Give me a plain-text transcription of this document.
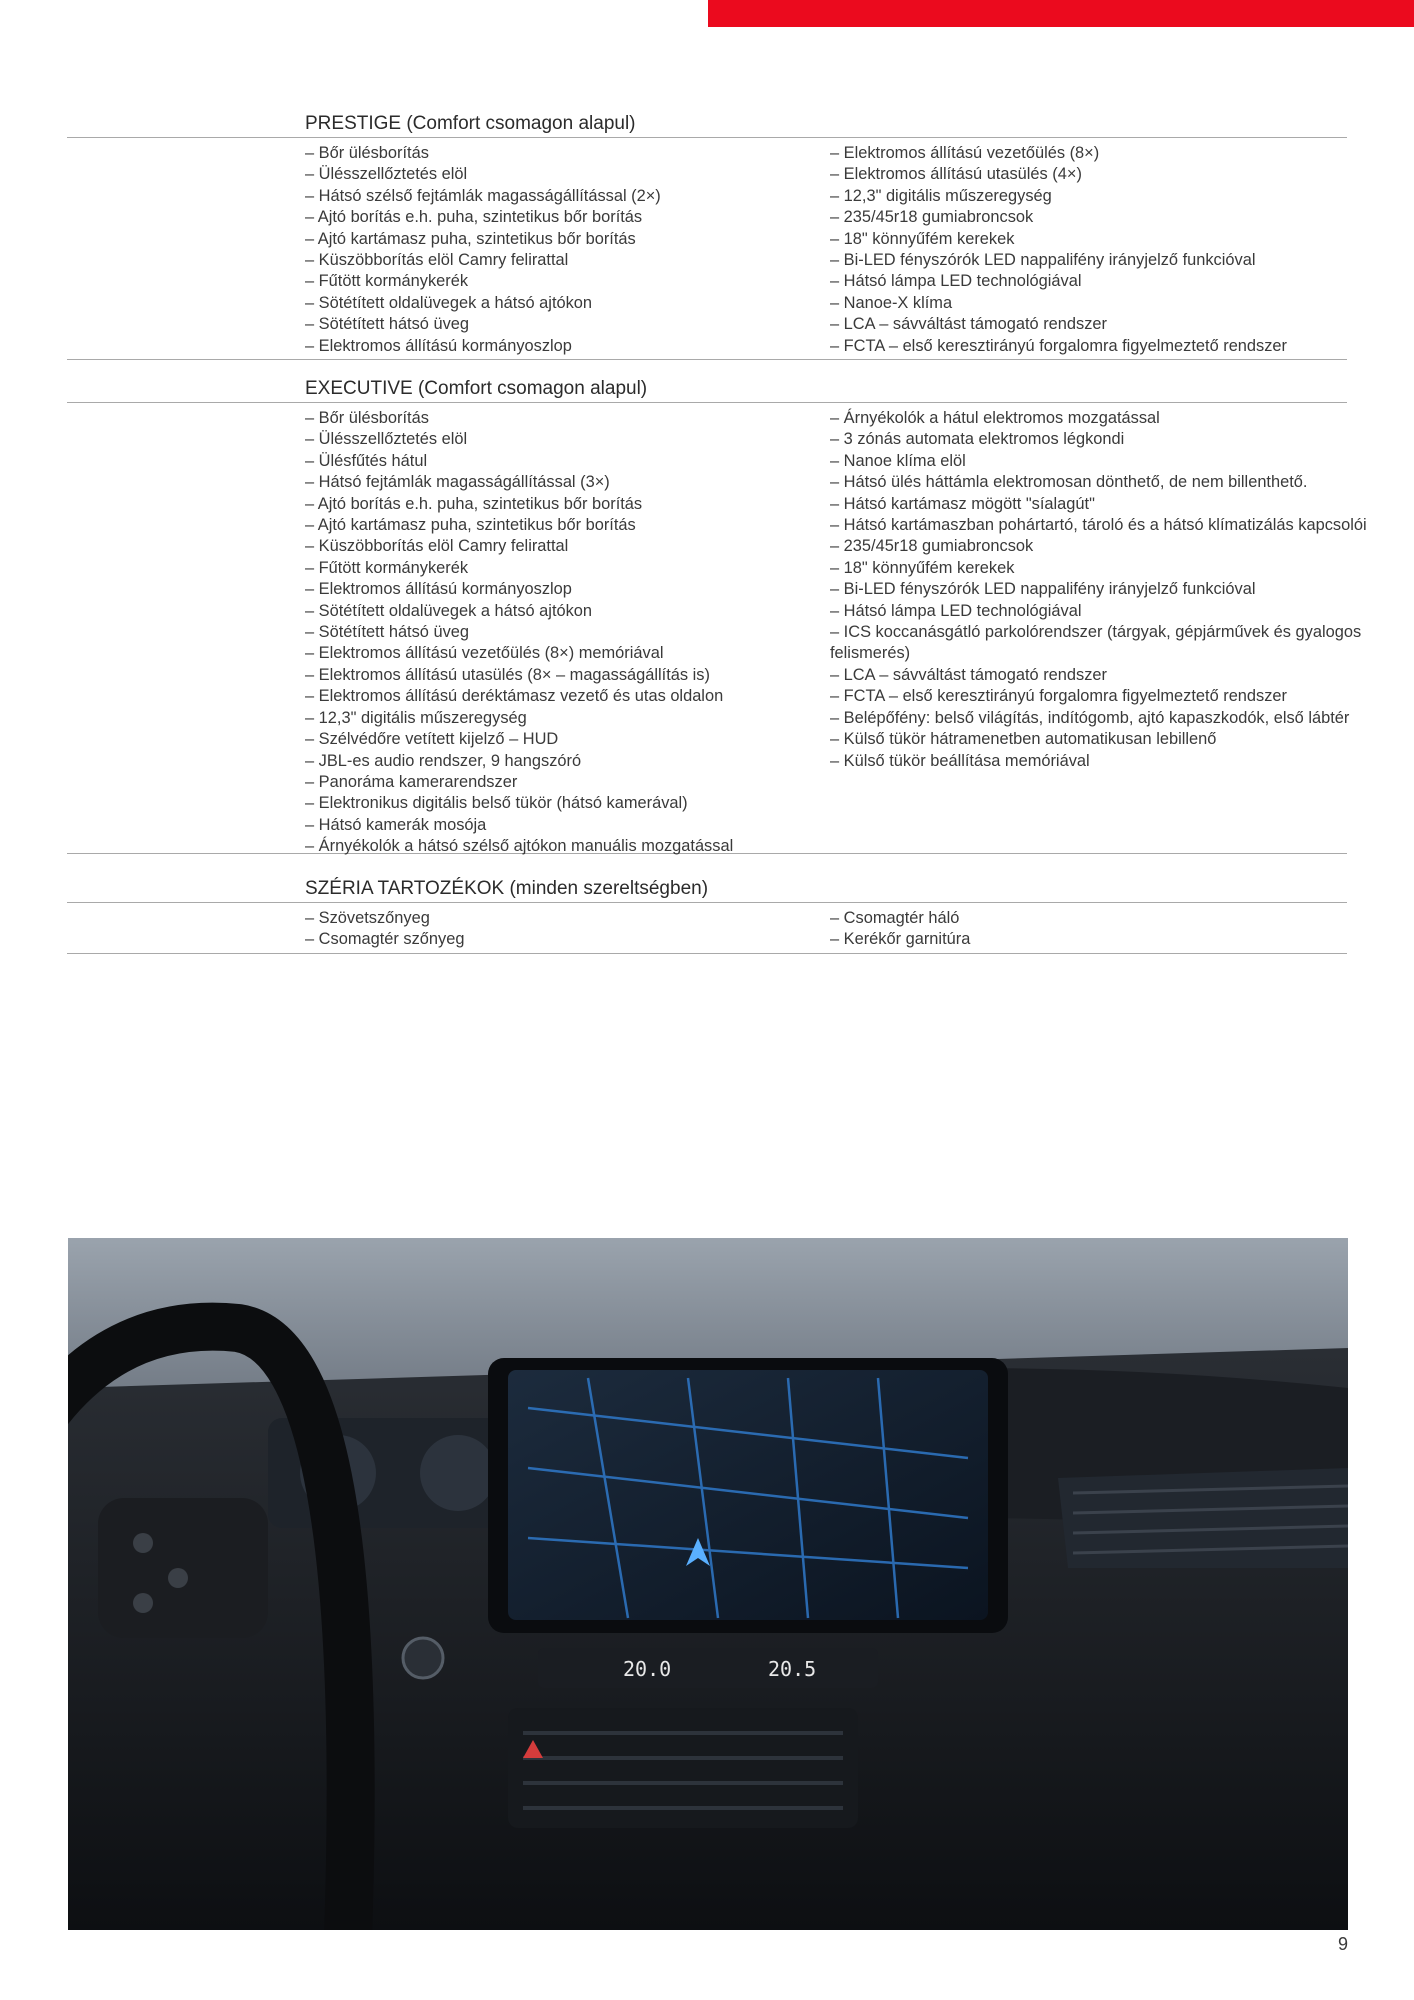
PRESTIGE (Comfort csomagon alapul)
– Bőr ülésborítás
– Ülésszellőztetés elöl
– Hátsó szélső fejtámlák magasságállítással (2×)
– Ajtó borítás e.h. puha, szintetikus bőr borítás
– Ajtó kartámasz puha, szintetikus bőr borítás
– Küszöbborítás elöl Camry felirattal
– Fűtött kormánykerék
– Sötétített oldalüvegek a hátsó ajtókon
– Sötétített hátsó üveg
– Elektromos állítású kormányoszlop
– Elektromos állítású vezetőülés (8×)
– Elektromos állítású utasülés (4×)
– 12,3" digitális műszeregység
– 235/45r18 gumiabroncsok
– 18" könnyűfém kerekek
– Bi-LED fényszórók LED nappalifény irányjelző funkcióval
– Hátsó lámpa LED technológiával
– Nanoe-X klíma
– LCA – sávváltást támogató rendszer
– FCTA – első keresztirányú forgalomra figyelmeztető rendszer
EXECUTIVE (Comfort csomagon alapul)
– Bőr ülésborítás
– Ülésszellőztetés elöl
– Ülésfűtés hátul
– Hátsó fejtámlák magasságállítással (3×)
– Ajtó borítás e.h. puha, szintetikus bőr borítás
– Ajtó kartámasz puha, szintetikus bőr borítás
– Küszöbborítás elöl Camry felirattal
– Fűtött kormánykerék
– Elektromos állítású kormányoszlop
– Sötétített oldalüvegek a hátsó ajtókon
– Sötétített hátsó üveg
– Elektromos állítású vezetőülés (8×) memóriával
– Elektromos állítású utasülés (8× – magasságállítás is)
– Elektromos állítású deréktámasz vezető és utas oldalon
– 12,3" digitális műszeregység
– Szélvédőre vetített kijelző – HUD
– JBL-es audio rendszer, 9 hangszóró
– Panoráma kamerarendszer
– Elektronikus digitális belső tükör (hátsó kamerával)
– Hátsó kamerák mosója
– Árnyékolók a hátsó szélső ajtókon manuális mozgatással
– Árnyékolók a hátul elektromos mozgatással
– 3 zónás automata elektromos légkondi
– Nanoe klíma elöl
– Hátsó ülés háttámla elektromosan dönthető, de nem billenthető.
– Hátsó kartámasz mögött "síalagút"
– Hátsó kartámaszban pohártartó, tároló és a hátsó klímatizálás kapcsolói
– 235/45r18 gumiabroncsok
– 18" könnyűfém kerekek
– Bi-LED fényszórók LED nappalifény irányjelző funkcióval
– Hátsó lámpa LED technológiával
– ICS koccanásgátló parkolórendszer (tárgyak, gépjárművek és gyalogos felismerés)
– LCA – sávváltást támogató rendszer
– FCTA – első keresztirányú forgalomra figyelmeztető rendszer
– Belépőfény: belső világítás, indítógomb, ajtó kapaszkodók, első lábtér
– Külső tükör hátramenetben automatikusan lebillenő
– Külső tükör beállítása memóriával
SZÉRIA TARTOZÉKOK (minden szereltségben)
– Szövetszőnyeg
– Csomagtér szőnyeg
– Csomagtér háló
– Kerékőr garnitúra
20.0	20.5
9
